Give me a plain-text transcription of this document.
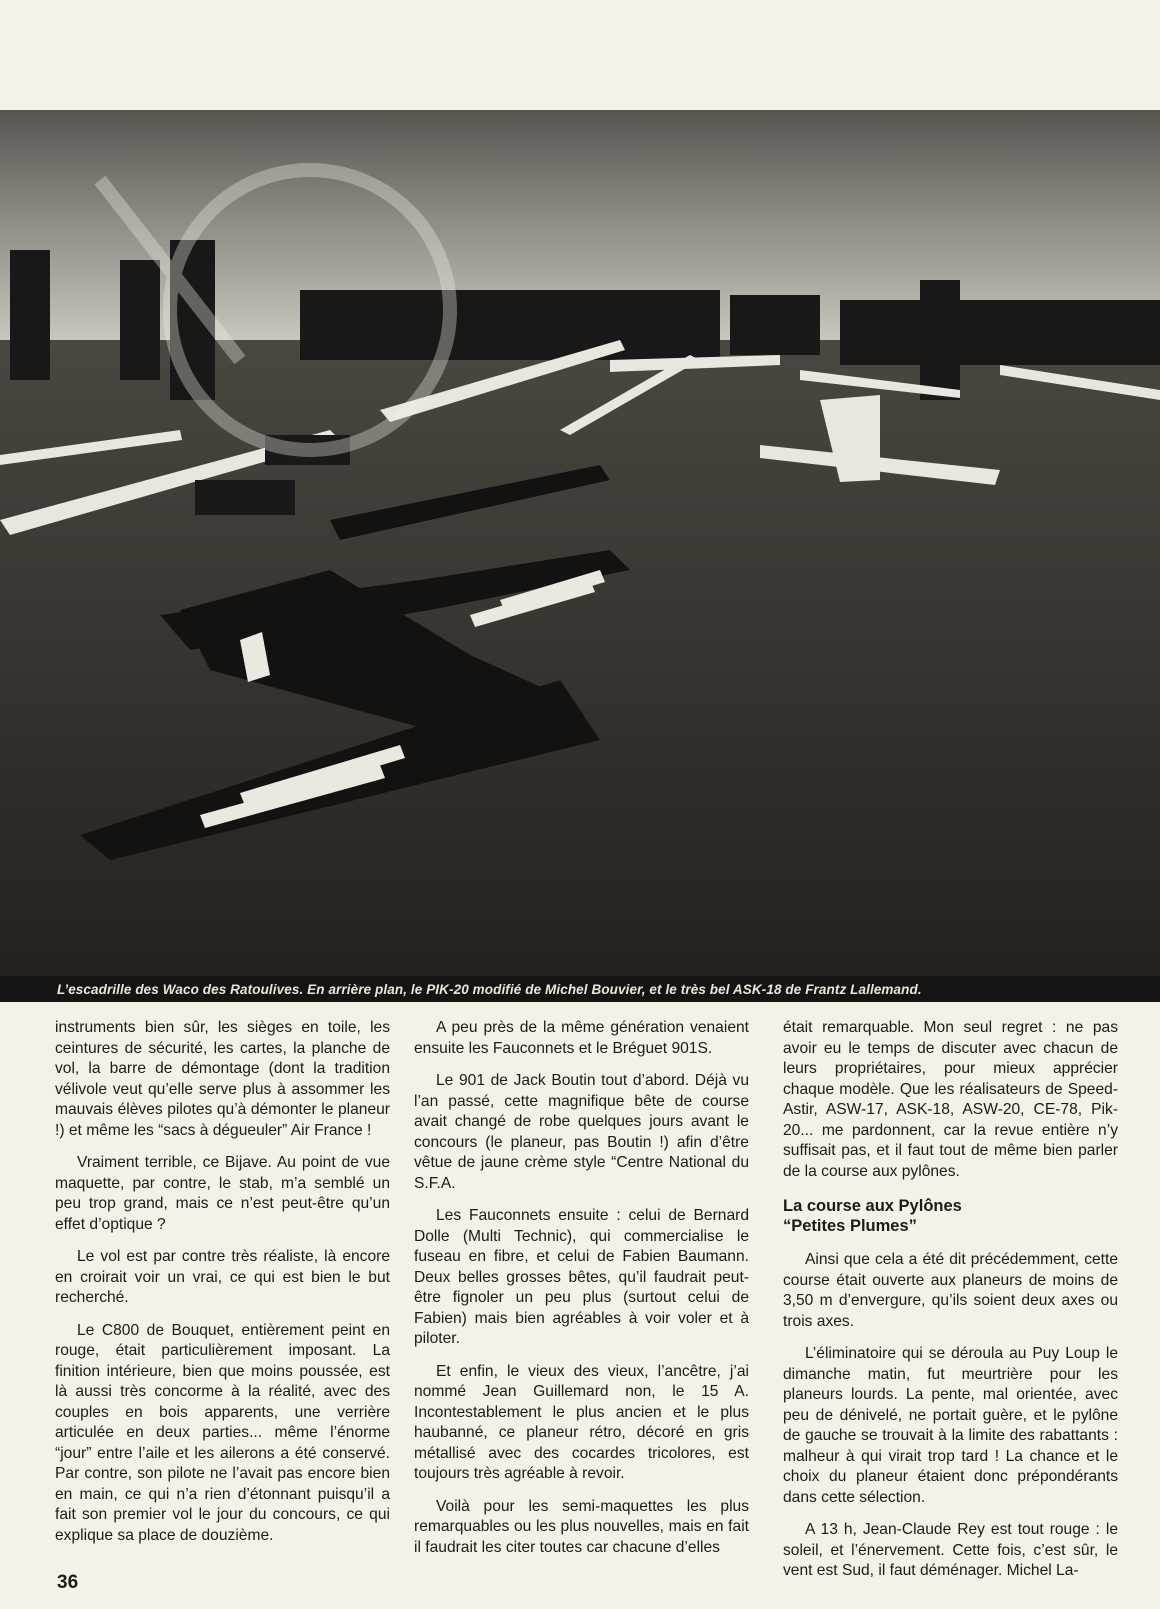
L’escadrille des Waco des Ratoulives. En arrière plan, le PIK-20 modifié de Michel Bouvier, et le très bel ASK-18 de Frantz Lallemand.

instruments bien sûr, les sièges en toile, les ceintures de sécurité, les cartes, la planche de vol, la barre de démontage (dont la tradition vélivole veut qu’elle serve plus à assommer les mauvais élèves pilotes qu’à démonter le planeur !) et même les “sacs à dégueuler” Air France !

Vraiment terrible, ce Bijave. Au point de vue maquette, par contre, le stab, m’a semblé un peu trop grand, mais ce n’est peut-être qu’un effet d’optique ?

Le vol est par contre très réaliste, là encore en croirait voir un vrai, ce qui est bien le but recherché.

Le C800 de Bouquet, entièrement peint en rouge, était particulièrement imposant. La finition intérieure, bien que moins poussée, est là aussi très concorme à la réalité, avec des couples en bois apparents, une verrière articulée en deux parties... même l’énorme “jour” entre l’aile et les ailerons a été conservé. Par contre, son pilote ne l’avait pas encore bien en main, ce qui n’a rien d’étonnant puisqu’il a fait son premier vol le jour du concours, ce qui explique sa place de douzième.

A peu près de la même génération venaient ensuite les Fauconnets et le Bréguet 901S.

Le 901 de Jack Boutin tout d’abord. Déjà vu l’an passé, cette magnifique bête de course avait changé de robe quelques jours avant le concours (le planeur, pas Boutin !) afin d’être vêtue de jaune crème style “Centre National du S.F.A.

Les Fauconnets ensuite : celui de Bernard Dolle (Multi Technic), qui commercialise le fuseau en fibre, et celui de Fabien Baumann. Deux belles grosses bêtes, qu’il faudrait peut-être fignoler un peu plus (surtout celui de Fabien) mais bien agréables à voir voler et à piloter.

Et enfin, le vieux des vieux, l’ancêtre, j’ai nommé Jean Guillemard non, le 15 A. Incontestablement le plus ancien et le plus haubanné, ce planeur rétro, décoré en gris métallisé avec des cocardes tricolores, est toujours très agréable à revoir.

Voilà pour les semi-maquettes les plus remarquables ou les plus nouvelles, mais en fait il faudrait les citer toutes car chacune d’elles

était remarquable. Mon seul regret : ne pas avoir eu le temps de discuter avec chacun de leurs propriétaires, pour mieux apprécier chaque modèle. Que les réalisateurs de Speed-Astir, ASW-17, ASK-18, ASW-20, CE-78, Pik-20... me pardonnent, car la revue entière n’y suffisait pas, et il faut tout de même bien parler de la course aux pylônes.

La course aux Pylônes
“Petites Plumes”

Ainsi que cela a été dit précédemment, cette course était ouverte aux planeurs de moins de 3,50 m d’envergure, qu’ils soient deux axes ou trois axes.

L’éliminatoire qui se déroula au Puy Loup le dimanche matin, fut meurtrière pour les planeurs lourds. La pente, mal orientée, avec peu de dénivelé, ne portait guère, et le pylône de gauche se trouvait à la limite des rabattants : malheur à qui virait trop tard ! La chance et le choix du planeur étaient donc prépondérants dans cette sélection.

A 13 h, Jean-Claude Rey est tout rouge : le soleil, et l’énervement. Cette fois, c’est sûr, le vent est Sud, il faut déménager. Michel La-

36
